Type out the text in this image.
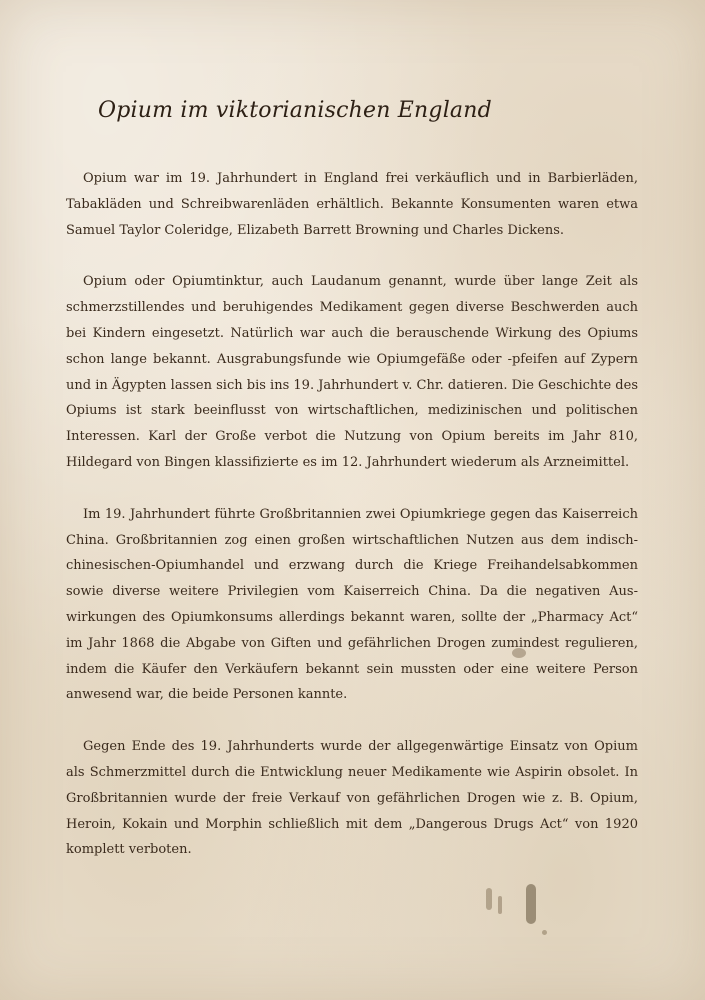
Opium im viktorianischen England

Opium war im 19. Jahrhundert in England frei verkäuflich und in Barbierläden, Tabakläden und Schreibwarenläden erhältlich. Bekannte Konsumenten waren etwa Samuel Taylor Coleridge, Elizabeth Barrett Browning und Charles Dickens.

Opium oder Opiumtinktur, auch Laudanum genannt, wurde über lange Zeit als schmerzstillendes und beruhigendes Medikament gegen diverse Beschwerden auch bei Kindern eingesetzt. Natürlich war auch die berauschende Wirkung des Opiums schon lange bekannt. Ausgrabungsfunde wie Opiumgefäße oder -pfeifen auf Zypern und in Ägypten lassen sich bis ins 19. Jahrhundert v. Chr. datieren. Die Geschichte des Opiums ist stark beeinflusst von wirtschaftlichen, medizinischen und politischen Interessen. Karl der Große verbot die Nutzung von Opium bereits im Jahr 810, Hildegard von Bingen klassifizierte es im 12. Jahrhundert wiederum als Arzneimittel.

Im 19. Jahrhundert führte Großbritannien zwei Opiumkriege gegen das Kaiserreich China. Großbritannien zog einen großen wirtschaftlichen Nutzen aus dem indisch-chinesischen-Opiumhandel und erzwang durch die Kriege Freihandelsabkommen sowie diverse weitere Privilegien vom Kaiserreich China. Da die negativen Auswirkungen des Opiumkonsums allerdings bekannt waren, sollte der „Pharmacy Act“ im Jahr 1868 die Abgabe von Giften und gefährlichen Drogen zumindest regulieren, indem die Käufer den Verkäufern bekannt sein mussten oder eine weitere Person anwesend war, die beide Personen kannte.

Gegen Ende des 19. Jahrhunderts wurde der allgegenwärtige Einsatz von Opium als Schmerzmittel durch die Entwicklung neuer Medikamente wie Aspirin obsolet. In Großbritannien wurde der freie Verkauf von gefährlichen Drogen wie z. B. Opium, Heroin, Kokain und Morphin schließlich mit dem „Dangerous Drugs Act“ von 1920 komplett verboten.
